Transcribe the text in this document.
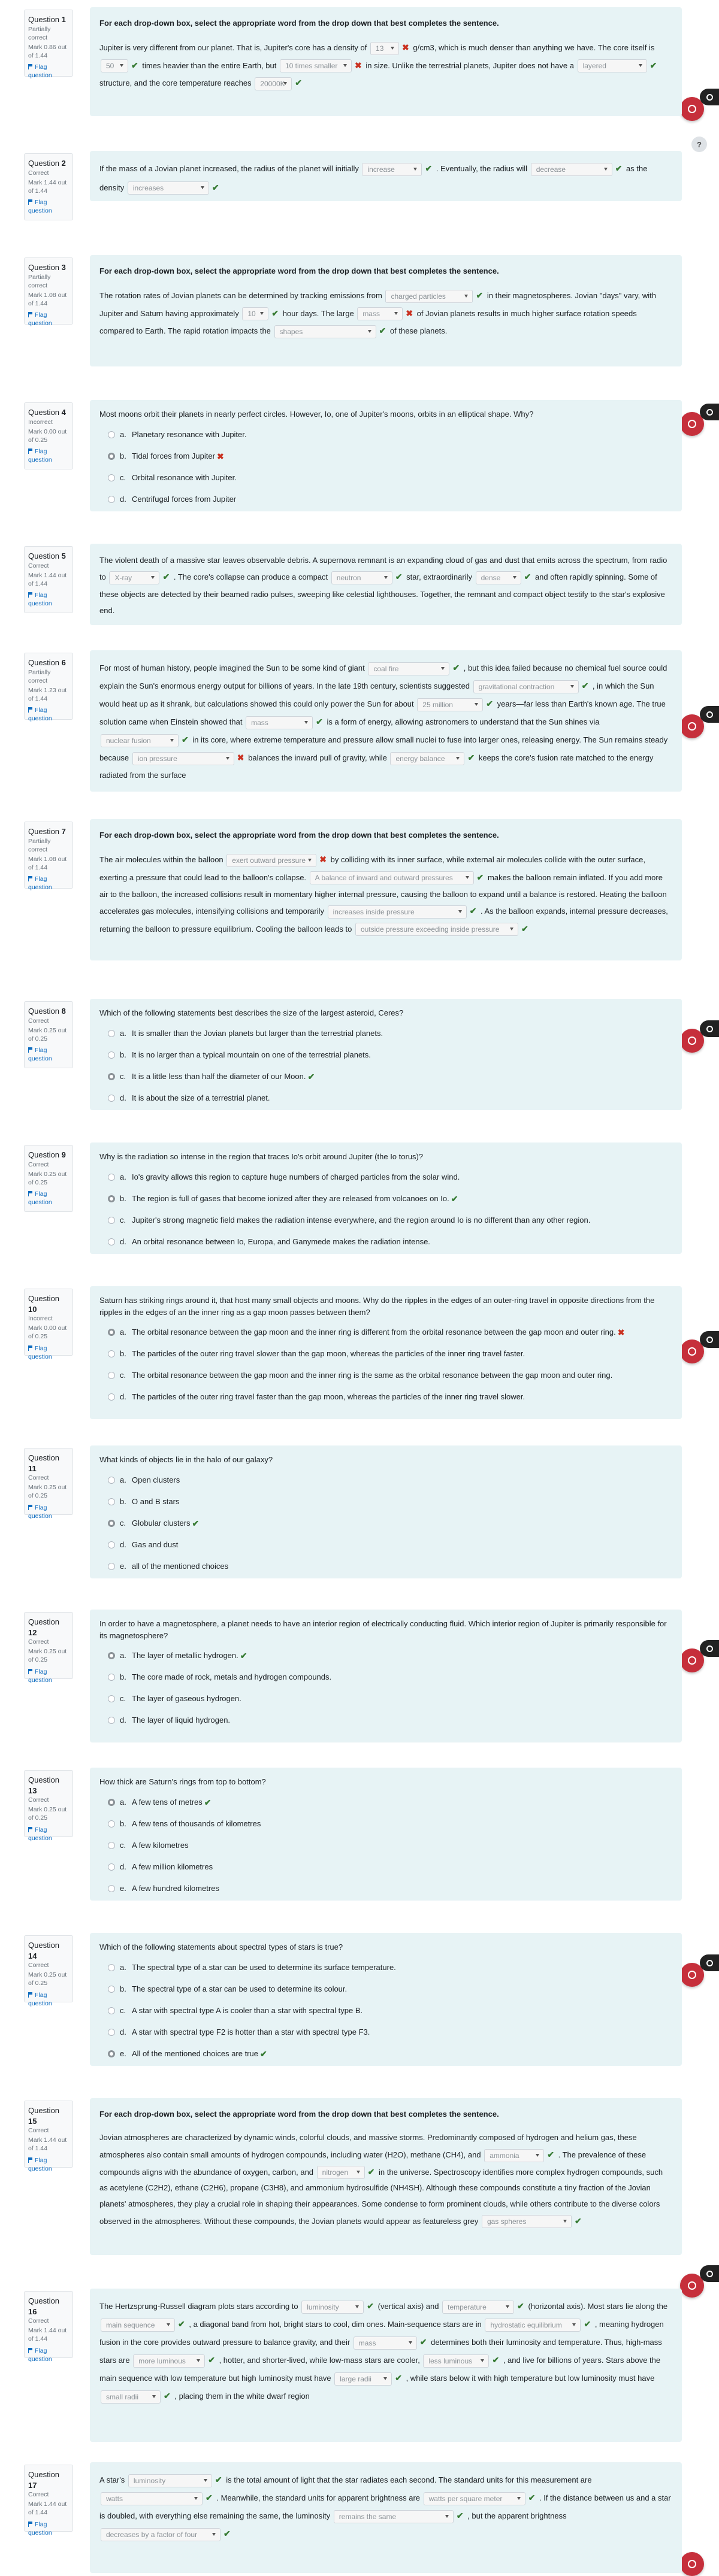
?
Question 1
Partially correct
Mark 0.86 out of 1.44
Flag question
For each drop-down box, select the appropriate word from the drop down that best completes the sentence.
Jupiter is very different from our planet. That is, Jupiter's core has a density of 13 ✖ g/cm3, which is much denser than anything we have. The core itself is 50 ✔ times heavier than the entire Earth, but 10 times smaller ✖ in size. Unlike the terrestrial planets, Jupiter does not have a layered	✔ structure, and the core temperature reaches 20000K ✔
Question 2
Correct
Mark 1.44 out of 1.44
Flag question
If the mass of a Jovian planet increased, the radius of the planet will initially increase	✔ . Eventually, the radius will decrease	✔ as the
density increases	✔
Question 3
Partially correct
Mark 1.08 out of 1.44
Flag question
For each drop-down box, select the appropriate word from the drop down that best completes the sentence.
The rotation rates of Jovian planets can be determined by tracking emissions from charged particles	✔ in their magnetospheres. Jovian "days" vary, with Jupiter and Saturn having approximately 10 ✔ hour days. The large mass	✖ of Jovian planets results in much higher surface rotation speeds compared to Earth. The rapid rotation impacts the shapes	✔ of these planets.
Question 4
Incorrect
Mark 0.00 out of 0.25
Flag question
Most moons orbit their planets in nearly perfect circles. However, Io, one of Jupiter's moons, orbits in an elliptical shape. Why?
a. Planetary resonance with Jupiter.
b. Tidal forces from Jupiter ✖
c. Orbital resonance with Jupiter.
d. Centrifugal forces from Jupiter
Question 5
Correct
Mark 1.44 out of 1.44
Flag question
The violent death of a massive star leaves observable debris. A supernova remnant is an expanding cloud of gas and dust that emits across the spectrum, from radio to X-ray	✔ . The core's collapse can produce a compact neutron	✔ star, extraordinarily dense	✔ and often rapidly spinning. Some of these objects are detected by their beamed radio pulses, sweeping like celestial lighthouses. Together, the remnant and compact object testify to the star's explosive end.
Question 6
Partially correct
Mark 1.23 out of 1.44
Flag question
For most of human history, people imagined the Sun to be some kind of giant coal fire	✔ , but this idea failed because no chemical fuel source could explain the Sun's enormous energy output for billions of years. In the late 19th century, scientists suggested gravitational contraction	✔ , in which the Sun would heat up as it shrank, but calculations showed this could only power the Sun for about 25 million	✔ years—far less than Earth's known age. The true solution came when Einstein showed that mass	✔ is a form of energy, allowing astronomers to understand that the Sun shines via nuclear fusion	✔ in its core, where extreme temperature and pressure allow small nuclei to fuse into larger ones, releasing energy. The Sun remains steady because ion pressure	✖ balances the inward pull of gravity, while energy balance	✔ keeps the core's fusion rate matched to the energy radiated from the surface
Question 7
Partially correct
Mark 1.08 out of 1.44
Flag question
For each drop-down box, select the appropriate word from the drop down that best completes the sentence.
The air molecules within the balloon exert outward pressure ✖ by colliding with its inner surface, while external air molecules collide with the outer surface, exerting a pressure that could lead to the balloon's collapse. A balance of inward and outward pressures	✔ makes the balloon remain inflated. If you add more air to the balloon, the increased collisions result in momentary higher internal pressure, causing the balloon to expand until a balance is restored. Heating the balloon accelerates gas molecules, intensifying collisions and temporarily increases inside pressure	✔ . As the balloon expands, internal pressure decreases, returning the balloon to pressure equilibrium. Cooling the balloon leads to outside pressure exceeding inside pressure	✔
Question 8
Correct
Mark 0.25 out of 0.25
Flag question
Which of the following statements best describes the size of the largest asteroid, Ceres?
a. It is smaller than the Jovian planets but larger than the terrestrial planets.
b. It is no larger than a typical mountain on one of the terrestrial planets.
c. It is a little less than half the diameter of our Moon. ✔
d. It is about the size of a terrestrial planet.
Question 9
Correct
Mark 0.25 out of 0.25
Flag question
Why is the radiation so intense in the region that traces Io's orbit around Jupiter (the Io torus)?
a. Io's gravity allows this region to capture huge numbers of charged particles from the solar wind.
b. The region is full of gases that become ionized after they are released from volcanoes on Io. ✔
c. Jupiter's strong magnetic field makes the radiation intense everywhere, and the region around Io is no different than any other region.
d. An orbital resonance between Io, Europa, and Ganymede makes the radiation intense.
Question 10
Incorrect
Mark 0.00 out of 0.25
Flag question
Saturn has striking rings around it, that host many small objects and moons. Why do the ripples in the edges of an outer-ring travel in opposite directions from the ripples in the edges of an the inner ring as a gap moon passes between them?
a. The orbital resonance between the gap moon and the inner ring is different from the orbital resonance between the gap moon and outer ring. ✖
b. The particles of the outer ring travel slower than the gap moon, whereas the particles of the inner ring travel faster.
c. The orbital resonance between the gap moon and the inner ring is the same as the orbital resonance between the gap moon and outer ring.
d. The particles of the outer ring travel faster than the gap moon, whereas the particles of the inner ring travel slower.
Question 11
Correct
Mark 0.25 out of 0.25
Flag question
What kinds of objects lie in the halo of our galaxy?
a. Open clusters
b. O and B stars
c. Globular clusters ✔
d. Gas and dust
e. all of the mentioned choices
Question 12
Correct
Mark 0.25 out of 0.25
Flag question
In order to have a magnetosphere, a planet needs to have an interior region of electrically conducting fluid. Which interior region of Jupiter is primarily responsible for its magnetosphere?
a. The layer of metallic hydrogen. ✔
b. The core made of rock, metals and hydrogen compounds.
c. The layer of gaseous hydrogen.
d. The layer of liquid hydrogen.
Question 13
Correct
Mark 0.25 out of 0.25
Flag question
How thick are Saturn's rings from top to bottom?
a. A few tens of metres ✔
b. A few tens of thousands of kilometres
c. A few kilometres
d. A few million kilometres
e. A few hundred kilometres
Question 14
Correct
Mark 0.25 out of 0.25
Flag question
Which of the following statements about spectral types of stars is true?
a. The spectral type of a star can be used to determine its surface temperature.
b. The spectral type of a star can be used to determine its colour.
c. A star with spectral type A is cooler than a star with spectral type B.
d. A star with spectral type F2 is hotter than a star with spectral type F3.
e. All of the mentioned choices are true ✔
Question 15
Correct
Mark 1.44 out of 1.44
Flag question
For each drop-down box, select the appropriate word from the drop down that best completes the sentence.
Jovian atmospheres are characterized by dynamic winds, colorful clouds, and massive storms. Predominantly composed of hydrogen and helium gas, these atmospheres also contain small amounts of hydrogen compounds, including water (H2O), methane (CH4), and ammonia	✔ . The prevalence of these compounds aligns with the abundance of oxygen, carbon, and nitrogen ✔ in the universe. Spectroscopy identifies more complex hydrogen compounds, such as acetylene (C2H2), ethane (C2H6), propane (C3H8), and ammonium hydrosulfide (NH4SH). Although these compounds constitute a tiny fraction of the Jovian planets' atmospheres, they play a crucial role in shaping their appearances. Some condense to form prominent clouds, while others contribute to the diverse colors observed in the atmospheres. Without these compounds, the Jovian planets would appear as featureless grey gas spheres	✔
Question 16
Correct
Mark 1.44 out of 1.44
Flag question
The Hertzsprung-Russell diagram plots stars according to luminosity	✔ (vertical axis) and temperature	✔ (horizontal axis). Most stars lie along the main sequence	✔ , a diagonal band from hot, bright stars to cool, dim ones. Main-sequence stars are in hydrostatic equilibrium	✔ , meaning hydrogen fusion in the core provides outward pressure to balance gravity, and their mass	✔ determines both their luminosity and temperature. Thus, high-mass stars are more luminous	✔ , hotter, and shorter-lived, while low-mass stars are cooler, less luminous ✔ , and live for billions of years. Stars above the main sequence with low temperature but high luminosity must have large radii	✔ , while stars below it with high temperature but low luminosity must have small radii	✔ , placing them in the white dwarf region
Question 17
Correct
Mark 1.44 out of 1.44
Flag question
A star's luminosity	✔ is the total amount of light that the star radiates each second. The standard units for this measurement are watts	✔ . Meanwhile, the standard units for apparent brightness are watts per square meter	✔ . If the distance between us and a star is doubled, with everything else remaining the same, the luminosity remains the same	✔ , but the apparent brightness decreases by a factor of four	✔
